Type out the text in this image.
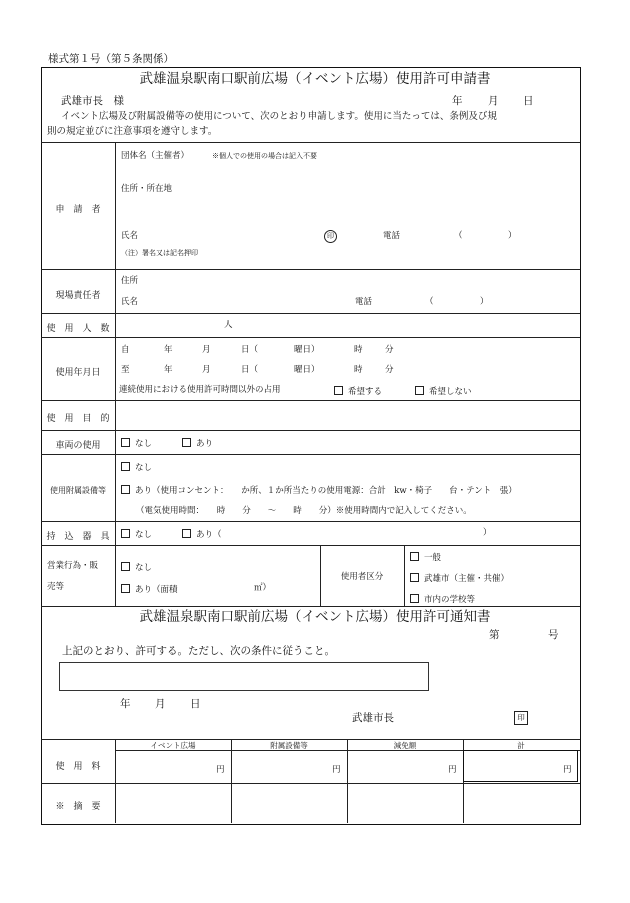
様式第１号（第５条関係）
武雄温泉駅南口駅前広場（イベント広場）使用許可申請書
武雄市長　様	年 月 日
イベント広場及び附属設備等の使用について、次のとおり申請します。使用に当たっては、条例及び規
則の規定並びに注意事項を遵守します。
申　請　者
団体名（主催者）	※個人での使用の場合は記入不要
住所・所在地
氏名	印	電話	（	）
（注）署名又は記名押印
現場責任者
住所
氏名	電話	（	）
使　用　人　数	人
使用年月日
自	年	月	日（	曜日）	時	分
至	年	月	日（	曜日）	時	分
連続使用における使用許可時間以外の占用	希望する	希望しない
使　用　目　的
車両の使用	なし	あり
使用附属設備等
なし
あり（使用コンセント：　　か所、１か所当たりの使用電源：合計　kw・椅子　　台・テント　張）
（電気使用時間：　　時　　分　　〜　　時　　分）※使用時間内で記入してください。
持　込　器　具	なし	あり（	）
営業行為・販
売等
なし
あり（面積	㎡）
使用者区分
一般
武雄市（主催・共催）
市内の学校等
武雄温泉駅南口駅前広場（イベント広場）使用許可通知書
第	号
上記のとおり、許可する。ただし、次の条件に従うこと。
年 月 日
武雄市長	印
イベント広場	附属設備等	減免額	計
使　用　料	円	円	円	円
※　摘　要
